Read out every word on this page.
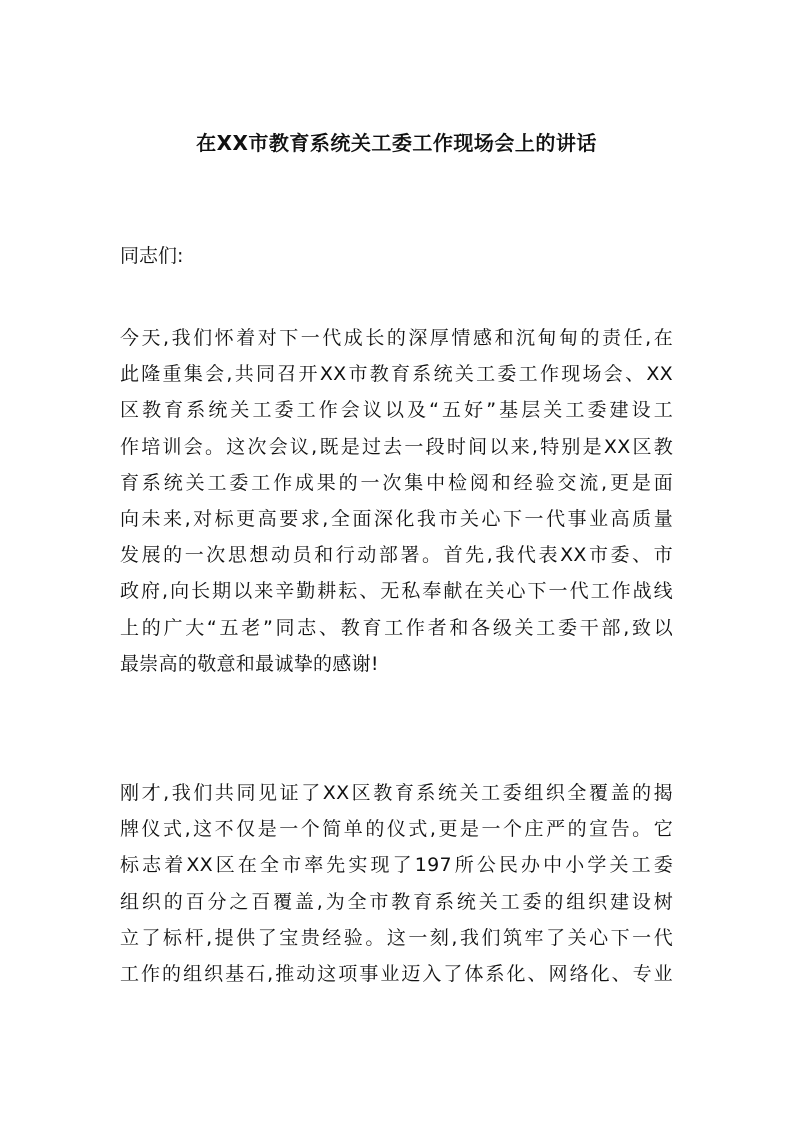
在XX市教育系统关工委工作现场会上的讲话
同志们:
今天,我们怀着对下一代成长的深厚情感和沉甸甸的责任,在
此隆重集会,共同召开XX市教育系统关工委工作现场会、XX
区教育系统关工委工作会议以及“五好”基层关工委建设工
作培训会。这次会议,既是过去一段时间以来,特别是XX区教
育系统关工委工作成果的一次集中检阅和经验交流,更是面
向未来,对标更高要求,全面深化我市关心下一代事业高质量
发展的一次思想动员和行动部署。首先,我代表XX市委、市
政府,向长期以来辛勤耕耘、无私奉献在关心下一代工作战线
上的广大“五老”同志、教育工作者和各级关工委干部,致以
最崇高的敬意和最诚挚的感谢!
刚才,我们共同见证了XX区教育系统关工委组织全覆盖的揭
牌仪式,这不仅是一个简单的仪式,更是一个庄严的宣告。它
标志着XX区在全市率先实现了197所公民办中小学关工委
组织的百分之百覆盖,为全市教育系统关工委的组织建设树
立了标杆,提供了宝贵经验。这一刻,我们筑牢了关心下一代
工作的组织基石,推动这项事业迈入了体系化、网络化、专业
